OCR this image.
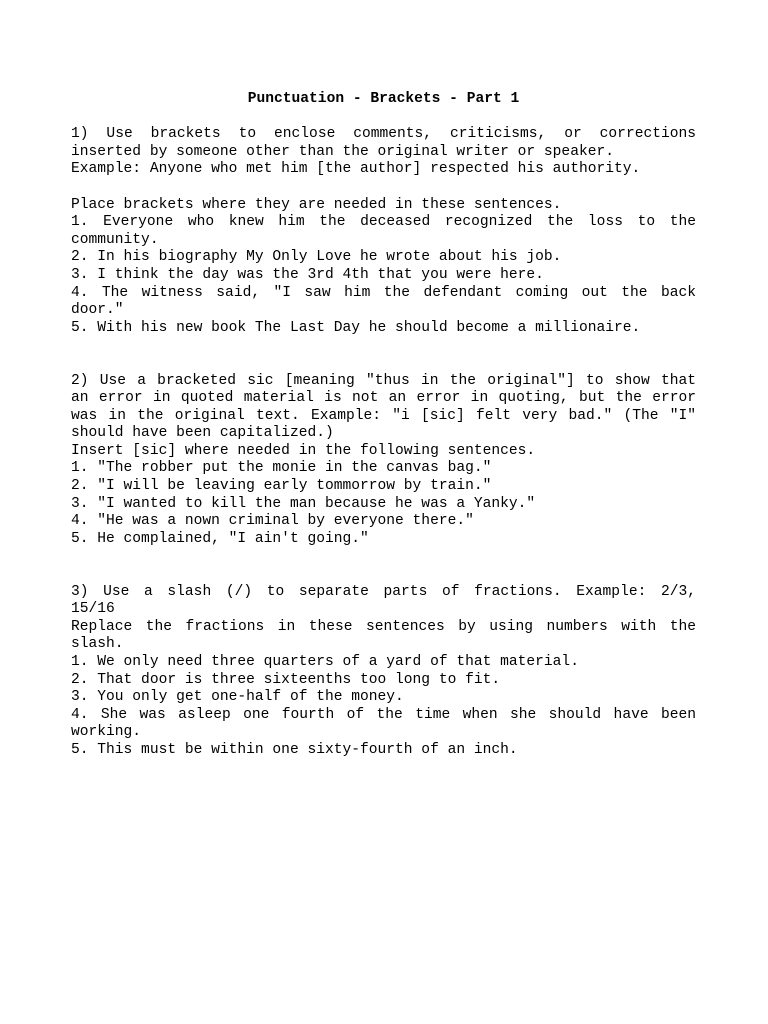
Punctuation - Brackets - Part 1

1) Use brackets to enclose comments, criticisms, or corrections

inserted by someone other than the original writer or speaker.

Example: Anyone who met him [the author] respected his authority.

Place brackets where they are needed in these sentences.

1. Everyone who knew him the deceased recognized the loss to the

community.

2. In his biography My Only Love he wrote about his job.

3. I think the day was the 3rd 4th that you were here.

4. The witness said, "I saw him the defendant coming out the back

door."

5. With his new book The Last Day he should become a millionaire.

2) Use a bracketed sic [meaning "thus in the original"] to show that

an error in quoted material is not an error in quoting, but the error

was in the original text. Example: "i [sic] felt very bad." (The "I"

should have been capitalized.)

Insert [sic] where needed in the following sentences.

1. "The robber put the monie in the canvas bag."

2. "I will be leaving early tommorrow by train."

3. "I wanted to kill the man because he was a Yanky."

4. "He was a nown criminal by everyone there."

5. He complained, "I ain't going."

3) Use a slash (/) to separate parts of fractions. Example: 2/3,

15/16

Replace the fractions in these sentences by using numbers with the

slash.

1. We only need three quarters of a yard of that material.

2. That door is three sixteenths too long to fit.

3. You only get one-half of the money.

4. She was asleep one fourth of the time when she should have been

working.

5. This must be within one sixty-fourth of an inch.
